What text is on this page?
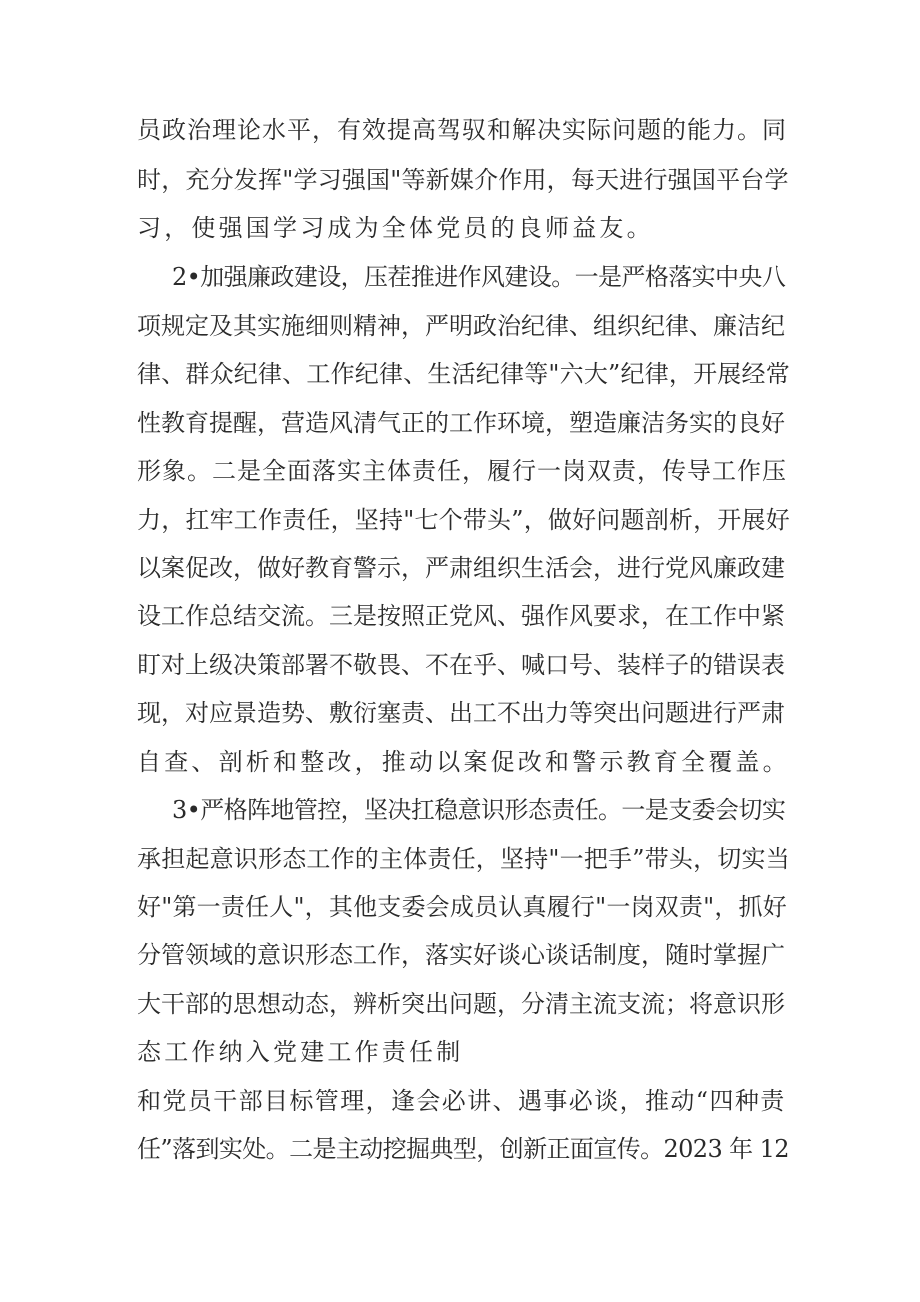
员政治理论水平，有效提高驾驭和解决实际问题的能力。同
时，充分发挥"学习强国"等新媒介作用，每天进行强国平台学
习，使强国学习成为全体党员的良师益友。
2•加强廉政建设，压茬推进作风建设。一是严格落实中央八
项规定及其实施细则精神，严明政治纪律、组织纪律、廉洁纪
律、群众纪律、工作纪律、生活纪律等"六大”纪律，开展经常
性教育提醒，营造风清气正的工作环境，塑造廉洁务实的良好
形象。二是全面落实主体责任，履行一岗双责，传导工作压
力，扛牢工作责任，坚持"七个带头”，做好问题剖析，开展好
以案促改，做好教育警示，严肃组织生活会，进行党风廉政建
设工作总结交流。三是按照正党风、强作风要求，在工作中紧
盯对上级决策部署不敬畏、不在乎、喊口号、装样子的错误表
现，对应景造势、敷衍塞责、出工不出力等突出问题进行严肃
自查、剖析和整改，推动以案促改和警示教育全覆盖。
3•严格阵地管控，坚决扛稳意识形态责任。一是支委会切实
承担起意识形态工作的主体责任，坚持"一把手”带头，切实当
好"第一责任人"，其他支委会成员认真履行"一岗双责"，抓好
分管领域的意识形态工作，落实好谈心谈话制度，随时掌握广
大干部的思想动态，辨析突出问题，分清主流支流；将意识形
态工作纳入党建工作责任制
和党员干部目标管理，逢会必讲、遇事必谈，推动“四种责
任”落到实处。二是主动挖掘典型，创新正面宣传。2023 年 12
